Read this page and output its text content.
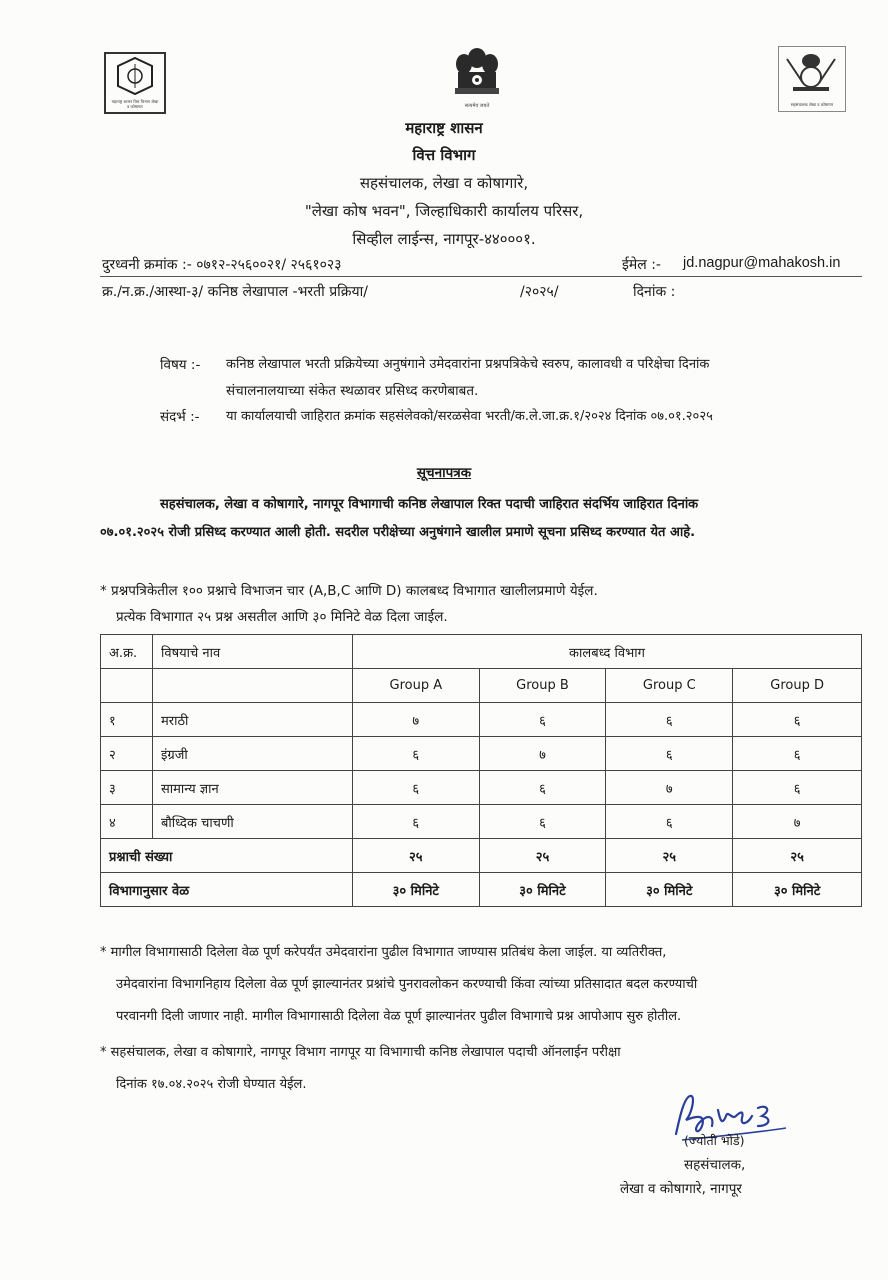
महाराष्ट्र शासन वित्त विभाग लेखा व कोषागार	सत्यमेव जयते	सहसंचालक लेखा व कोषागार
महाराष्ट्र शासन
वित्त विभाग
सहसंचालक, लेखा व कोषागारे,
"लेखा कोष भवन", जिल्हाधिकारी कार्यालय परिसर,
सिव्हील लाईन्स, नागपूर-४४०००१.
दुरध्वनी क्रमांक :- ०७१२-२५६००२१/ २५६१०२३	ईमेल :- jd.nagpur@mahakosh.in
क्र./न.क्र./आस्था-३/ कनिष्ठ लेखापाल -भरती प्रक्रिया/	/२०२५/	दिनांक :
विषय :- कनिष्ठ लेखापाल भरती प्रक्रियेच्या अनुषंगाने उमेदवारांना प्रश्नपत्रिकेचे स्वरुप, कालावधी व परिक्षेचा दिनांक
संचालनालयाच्या संकेत स्थळावर प्रसिध्द करणेबाबत.
संदर्भ :- या कार्यालयाची जाहिरात क्रमांक सहसंलेवको/सरळसेवा भरती/क.ले.जा.क्र.१/२०२४ दिनांक ०७.०१.२०२५
सूचनापत्रक
सहसंचालक, लेखा व कोषागारे, नागपूर विभागाची कनिष्ठ लेखापाल रिक्त पदाची जाहिरात संदर्भिय जाहिरात दिनांक
०७.०१.२०२५ रोजी प्रसिध्द करण्यात आली होती. सदरील परीक्षेच्या अनुषंगाने खालील प्रमाणे सूचना प्रसिध्द करण्यात येत आहे.
* प्रश्नपत्रिकेतील १०० प्रश्नाचे विभाजन चार (A,B,C आणि D) कालबध्द विभागात खालीलप्रमाणे येईल.
प्रत्येक विभागात २५ प्रश्न असतील आणि ३० मिनिटे वेळ दिला जाईल.
अ.क्र.	विषयाचे नाव	कालबध्द विभाग			
		Group A	Group B	Group C	Group D
१	मराठी	७	६	६	६
२	इंग्रजी	६	७	६	६
३	सामान्य ज्ञान	६	६	७	६
४	बौध्दिक चाचणी	६	६	६	७
प्रश्नाची संख्या		२५	२५	२५	२५
विभागानुसार वेळ		३० मिनिटे	३० मिनिटे	३० मिनिटे	३० मिनिटे
* मागील विभागासाठी दिलेला वेळ पूर्ण करेपर्यंत उमेदवारांना पुढील विभागात जाण्यास प्रतिबंध केला जाईल. या व्यतिरीक्त,
उमेदवारांना विभागनिहाय दिलेला वेळ पूर्ण झाल्यानंतर प्रश्नांचे पुनरावलोकन करण्याची किंवा त्यांच्या प्रतिसादात बदल करण्याची
परवानगी दिली जाणार नाही. मागील विभागासाठी दिलेला वेळ पूर्ण झाल्यानंतर पुढील विभागाचे प्रश्न आपोआप सुरु होतील.
* सहसंचालक, लेखा व कोषागारे, नागपूर विभाग नागपूर या विभागाची कनिष्ठ लेखापाल पदाची ऑनलाईन परीक्षा
दिनांक १७.०४.२०२५ रोजी घेण्यात येईल.
(ज्योती भोंडे)
सहसंचालक,
लेखा व कोषागारे, नागपूर
